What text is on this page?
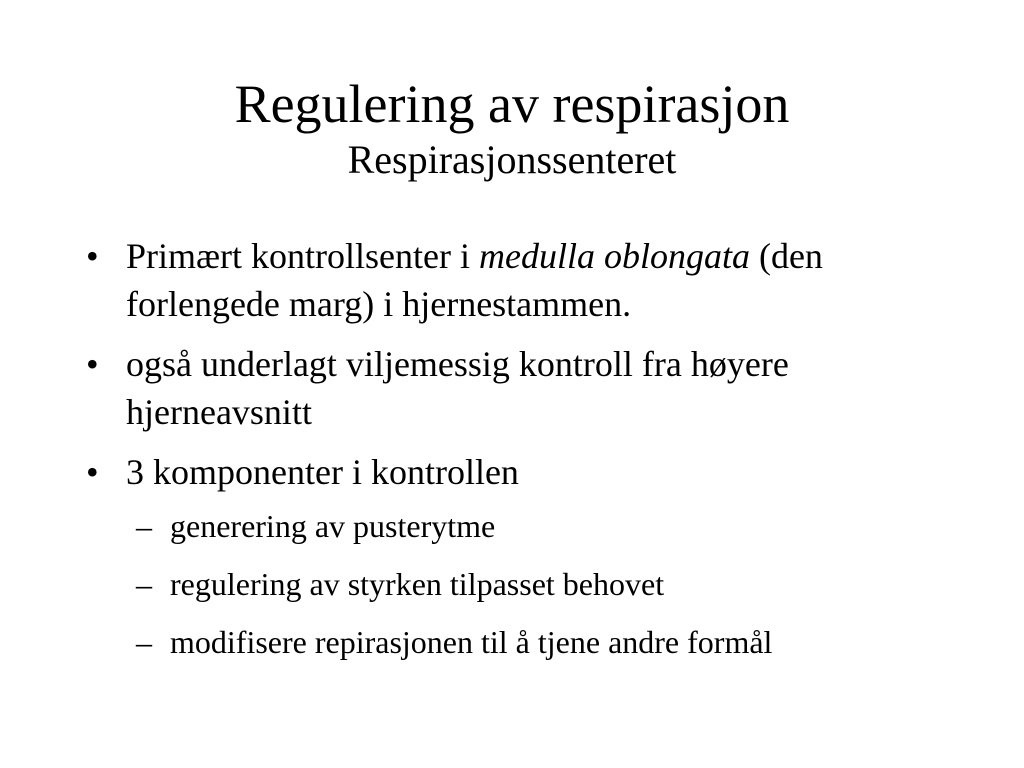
Regulering av respirasjon
Respirasjonssenteret
• Primært kontrollsenter i medulla oblongata (den forlengede marg) i hjernestammen.
• også underlagt viljemessig kontroll fra høyere hjerneavsnitt
• 3 komponenter i kontrollen
– generering av pusterytme
– regulering av styrken tilpasset behovet
– modifisere repirasjonen til å tjene andre formål
